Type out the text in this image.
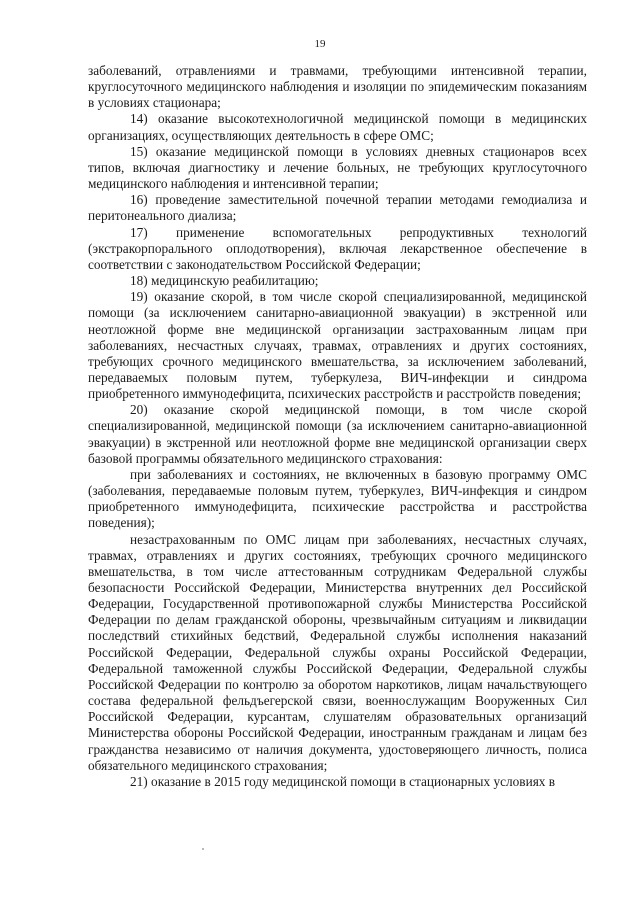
19

заболеваний, отравлениями и травмами, требующими интенсивной терапии, круглосуточного медицинского наблюдения и изоляции по эпидемическим показаниям в условиях стационара;

14) оказание высокотехнологичной медицинской помощи в медицинских организациях, осуществляющих деятельность в сфере ОМС;

15) оказание медицинской помощи в условиях дневных стационаров всех типов, включая диагностику и лечение больных, не требующих круглосуточного медицинского наблюдения и интенсивной терапии;

16) проведение заместительной почечной терапии методами гемодиализа и перитонеального диализа;

17) применение вспомогательных репродуктивных технологий (экстракорпорального оплодотворения), включая лекарственное обеспечение в соответствии с законодательством Российской Федерации;

18) медицинскую реабилитацию;

19) оказание скорой, в том числе скорой специализированной, медицинской помощи (за исключением санитарно-авиационной эвакуации) в экстренной или неотложной форме вне медицинской организации застрахованным лицам при заболеваниях, несчастных случаях, травмах, отравлениях и других состояниях, требующих срочного медицинского вмешательства, за исключением заболеваний, передаваемых половым путем, туберкулеза, ВИЧ-инфекции и синдрома приобретенного иммунодефицита, психических расстройств и расстройств поведения;

20) оказание скорой медицинской помощи, в том числе скорой специализированной, медицинской помощи (за исключением санитарно-авиационной эвакуации) в экстренной или неотложной форме вне медицинской организации сверх базовой программы обязательного медицинского страхования:

при заболеваниях и состояниях, не включенных в базовую программу ОМС (заболевания, передаваемые половым путем, туберкулез, ВИЧ-инфекция и синдром приобретенного иммунодефицита, психические расстройства и расстройства поведения);

незастрахованным по ОМС лицам при заболеваниях, несчастных случаях, травмах, отравлениях и других состояниях, требующих срочного медицинского вмешательства, в том числе аттестованным сотрудникам Федеральной службы безопасности Российской Федерации, Министерства внутренних дел Российской Федерации, Государственной противопожарной службы Министерства Российской Федерации по делам гражданской обороны, чрезвычайным ситуациям и ликвидации последствий стихийных бедствий, Федеральной службы исполнения наказаний Российской Федерации, Федеральной службы охраны Российской Федерации, Федеральной таможенной службы Российской Федерации, Федеральной службы Российской Федерации по контролю за оборотом наркотиков, лицам начальствующего состава федеральной фельдъегерской связи, военнослужащим Вооруженных Сил Российской Федерации, курсантам, слушателям образовательных организаций Министерства обороны Российской Федерации, иностранным гражданам и лицам без гражданства независимо от наличия документа, удостоверяющего личность, полиса обязательного медицинского страхования;

21) оказание в 2015 году медицинской помощи в стационарных условиях в
